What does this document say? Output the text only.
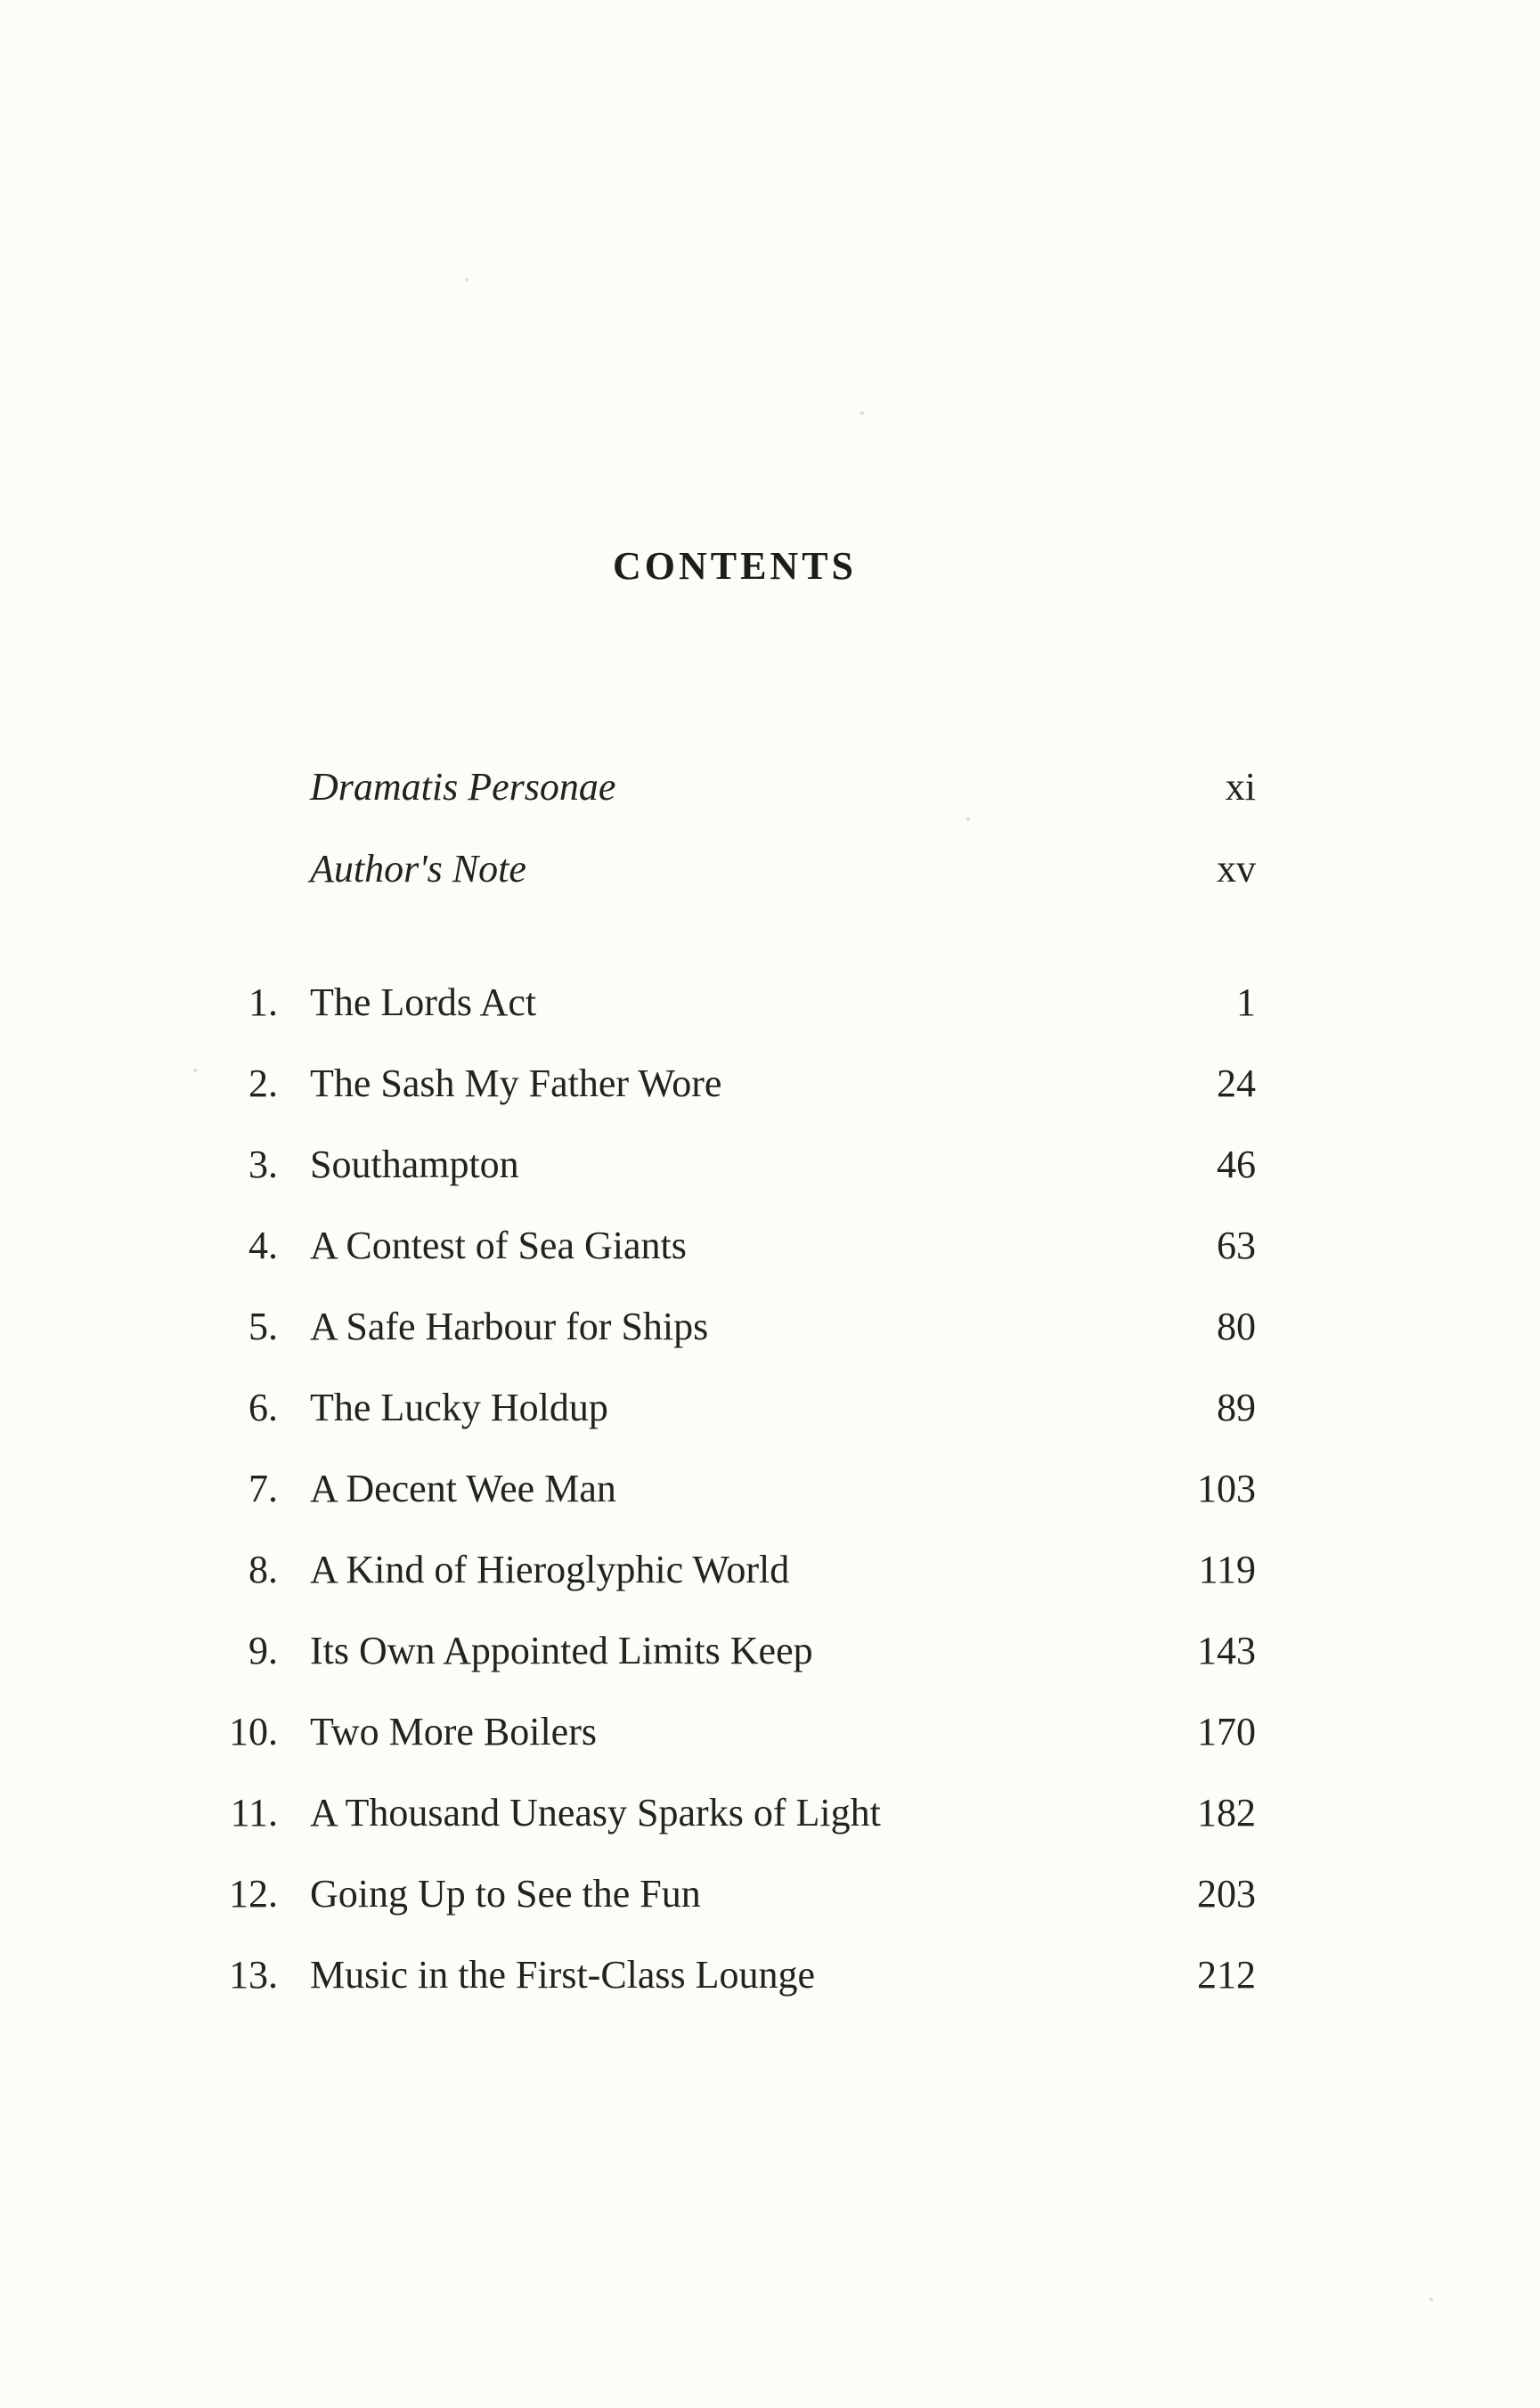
CONTENTS
Dramatis Personae	xi
Author's Note	xv
1. The Lords Act	1
2. The Sash My Father Wore	24
3. Southampton	46
4. A Contest of Sea Giants	63
5. A Safe Harbour for Ships	80
6. The Lucky Holdup	89
7. A Decent Wee Man	103
8. A Kind of Hieroglyphic World	119
9. Its Own Appointed Limits Keep	143
10. Two More Boilers	170
11. A Thousand Uneasy Sparks of Light	182
12. Going Up to See the Fun	203
13. Music in the First-Class Lounge	212
